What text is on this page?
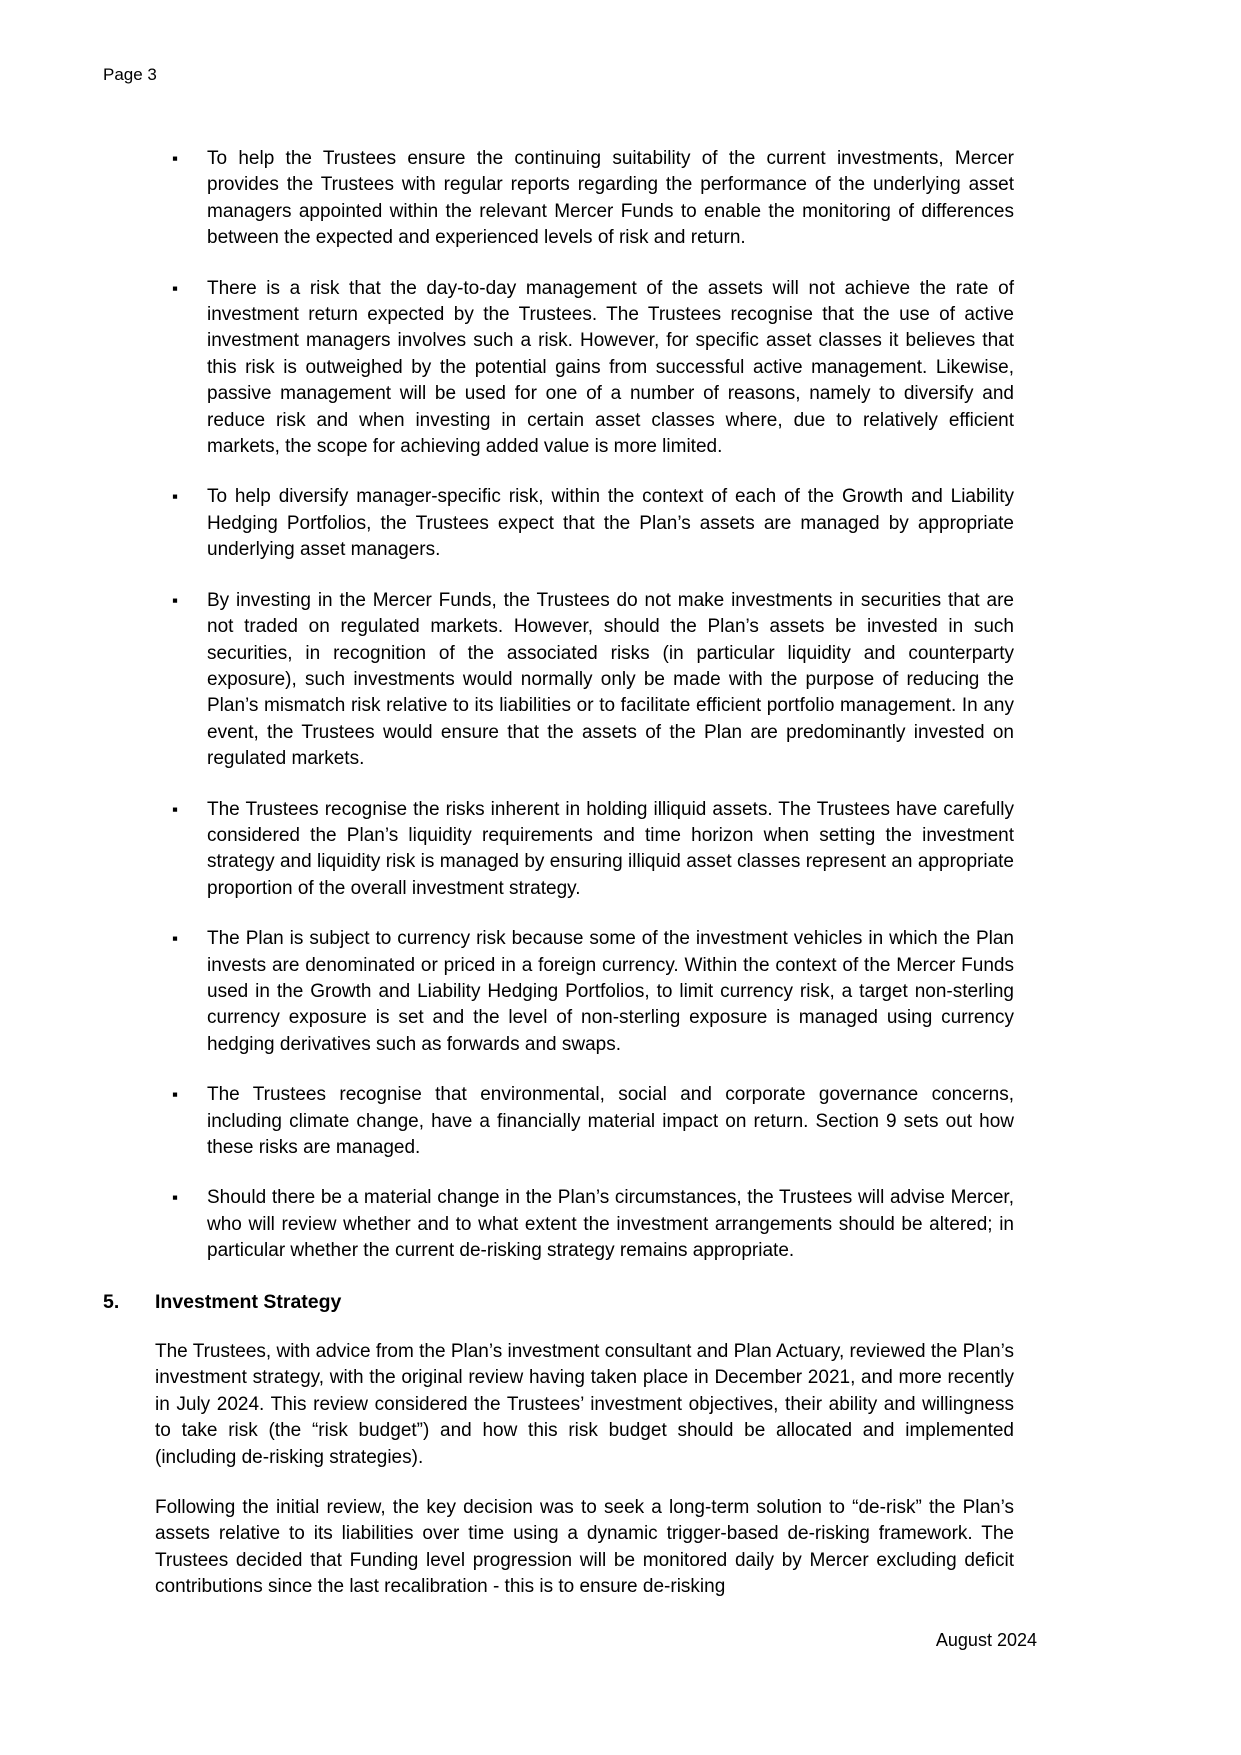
Page 3
▪	To help the Trustees ensure the continuing suitability of the current investments, Mercer provides the Trustees with regular reports regarding the performance of the underlying asset managers appointed within the relevant Mercer Funds to enable the monitoring of differences between the expected and experienced levels of risk and return.
▪	There is a risk that the day-to-day management of the assets will not achieve the rate of investment return expected by the Trustees. The Trustees recognise that the use of active investment managers involves such a risk. However, for specific asset classes it believes that this risk is outweighed by the potential gains from successful active management. Likewise, passive management will be used for one of a number of reasons, namely to diversify and reduce risk and when investing in certain asset classes where, due to relatively efficient markets, the scope for achieving added value is more limited.
▪	To help diversify manager-specific risk, within the context of each of the Growth and Liability Hedging Portfolios, the Trustees expect that the Plan’s assets are managed by appropriate underlying asset managers.
▪	By investing in the Mercer Funds, the Trustees do not make investments in securities that are not traded on regulated markets. However, should the Plan’s assets be invested in such securities, in recognition of the associated risks (in particular liquidity and counterparty exposure), such investments would normally only be made with the purpose of reducing the Plan’s mismatch risk relative to its liabilities or to facilitate efficient portfolio management. In any event, the Trustees would ensure that the assets of the Plan are predominantly invested on regulated markets.
▪	The Trustees recognise the risks inherent in holding illiquid assets. The Trustees have carefully considered the Plan’s liquidity requirements and time horizon when setting the investment strategy and liquidity risk is managed by ensuring illiquid asset classes represent an appropriate proportion of the overall investment strategy.
▪	The Plan is subject to currency risk because some of the investment vehicles in which the Plan invests are denominated or priced in a foreign currency. Within the context of the Mercer Funds used in the Growth and Liability Hedging Portfolios, to limit currency risk, a target non-sterling currency exposure is set and the level of non-sterling exposure is managed using currency hedging derivatives such as forwards and swaps.
▪	The Trustees recognise that environmental, social and corporate governance concerns, including climate change, have a financially material impact on return. Section 9 sets out how these risks are managed.
▪	Should there be a material change in the Plan’s circumstances, the Trustees will advise Mercer, who will review whether and to what extent the investment arrangements should be altered; in particular whether the current de-risking strategy remains appropriate.
5.	Investment Strategy

The Trustees, with advice from the Plan’s investment consultant and Plan Actuary, reviewed the Plan’s investment strategy, with the original review having taken place in December 2021, and more recently in July 2024. This review considered the Trustees’ investment objectives, their ability and willingness to take risk (the “risk budget”) and how this risk budget should be allocated and implemented (including de-risking strategies).

Following the initial review, the key decision was to seek a long-term solution to “de-risk” the Plan’s assets relative to its liabilities over time using a dynamic trigger-based de-risking framework. The Trustees decided that Funding level progression will be monitored daily by Mercer excluding deficit contributions since the last recalibration - this is to ensure de-risking

August 2024
